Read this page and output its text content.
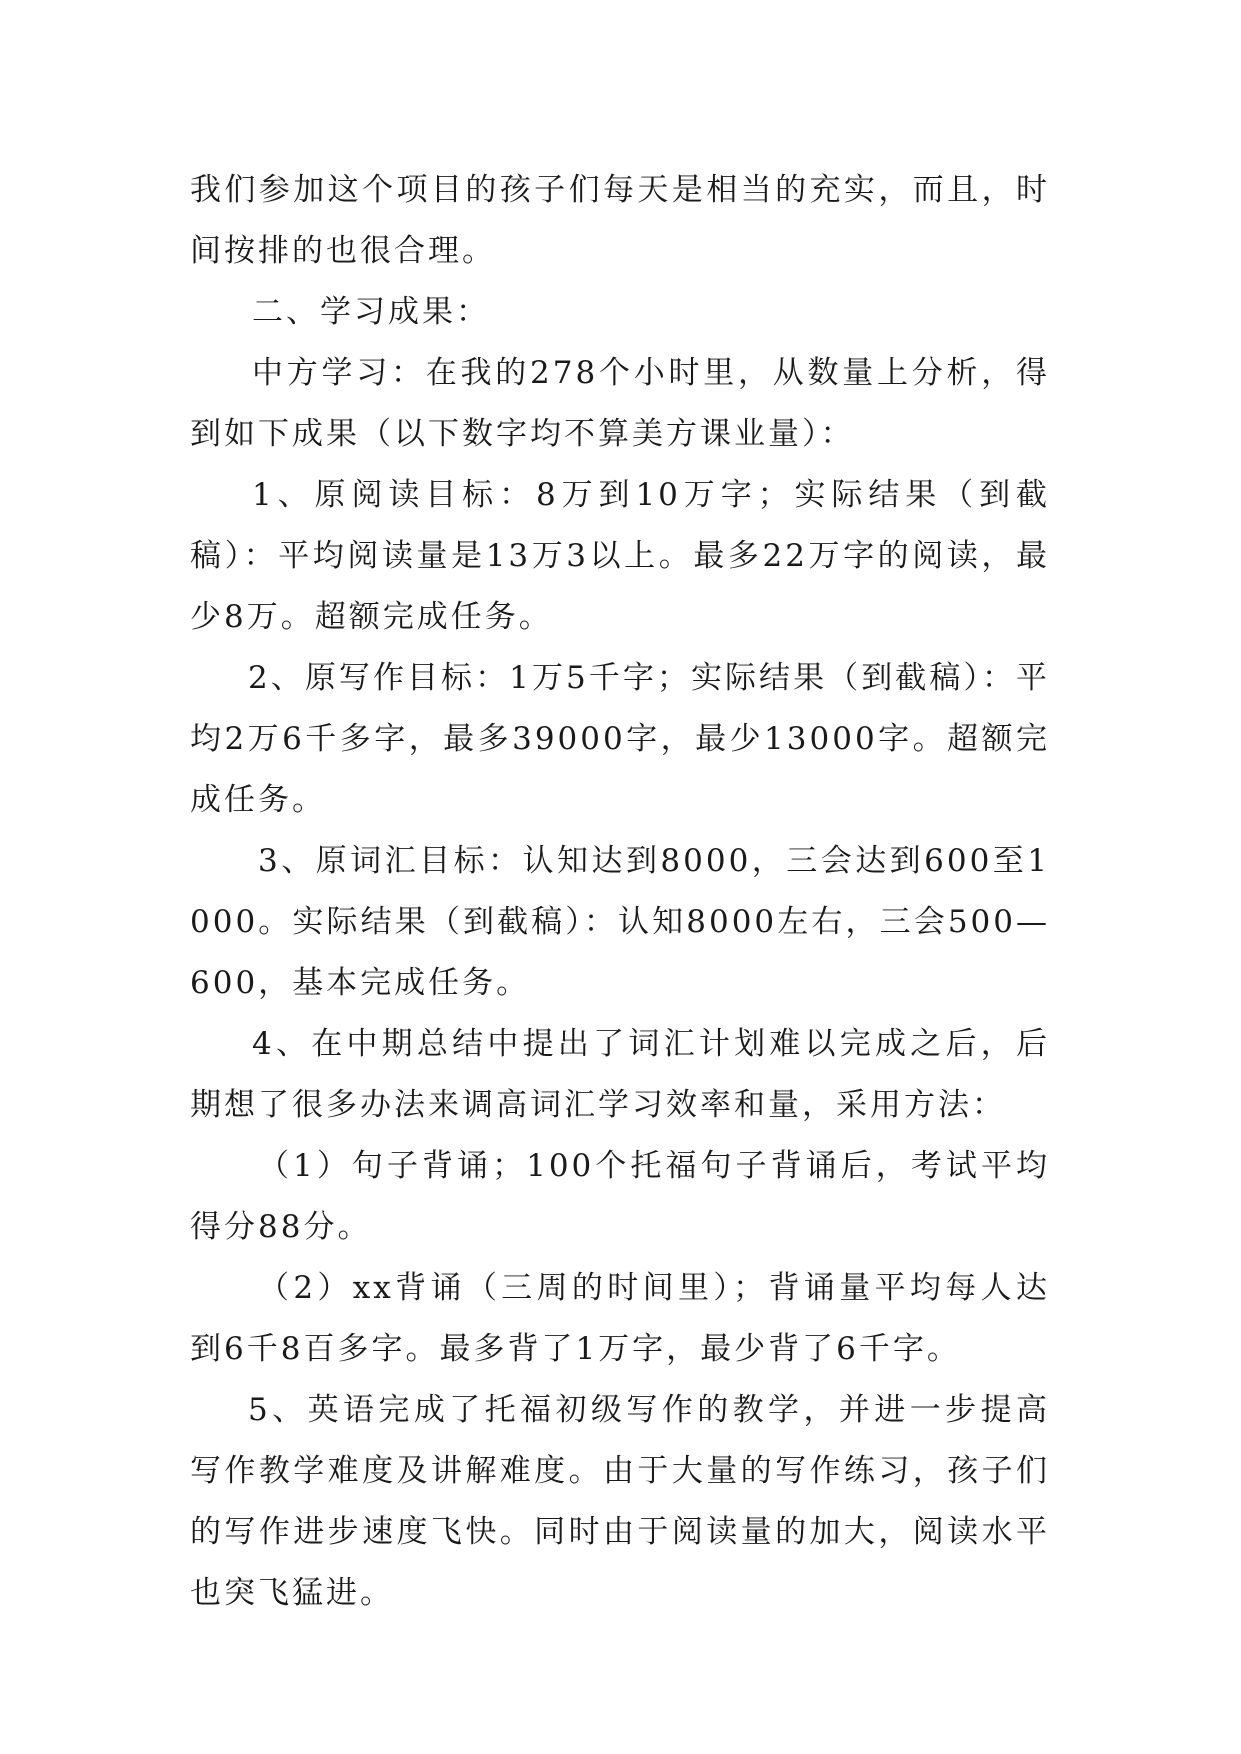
我们参加这个项目的孩子们每天是相当的充实，而且，时间按排的也很合理。

二、学习成果：

中方学习：在我的278个小时里，从数量上分析，得到如下成果（以下数字均不算美方课业量）：

1、原阅读目标：8万到10万字；实际结果（到截稿）：平均阅读量是13万3以上。最多22万字的阅读，最少8万。超额完成任务。

2、原写作目标：1万5千字；实际结果（到截稿）：平均2万6千多字，最多39000字，最少13000字。超额完成任务。

3、原词汇目标：认知达到8000，三会达到600至1000。实际结果（到截稿）：认知8000左右，三会500—600，基本完成任务。

4、在中期总结中提出了词汇计划难以完成之后，后期想了很多办法来调高词汇学习效率和量，采用方法：

（1）句子背诵；100个托福句子背诵后，考试平均得分88分。

（2）xx背诵（三周的时间里）；背诵量平均每人达到6千8百多字。最多背了1万字，最少背了6千字。

5、英语完成了托福初级写作的教学，并进一步提高写作教学难度及讲解难度。由于大量的写作练习，孩子们的写作进步速度飞快。同时由于阅读量的加大，阅读水平也突飞猛进。
